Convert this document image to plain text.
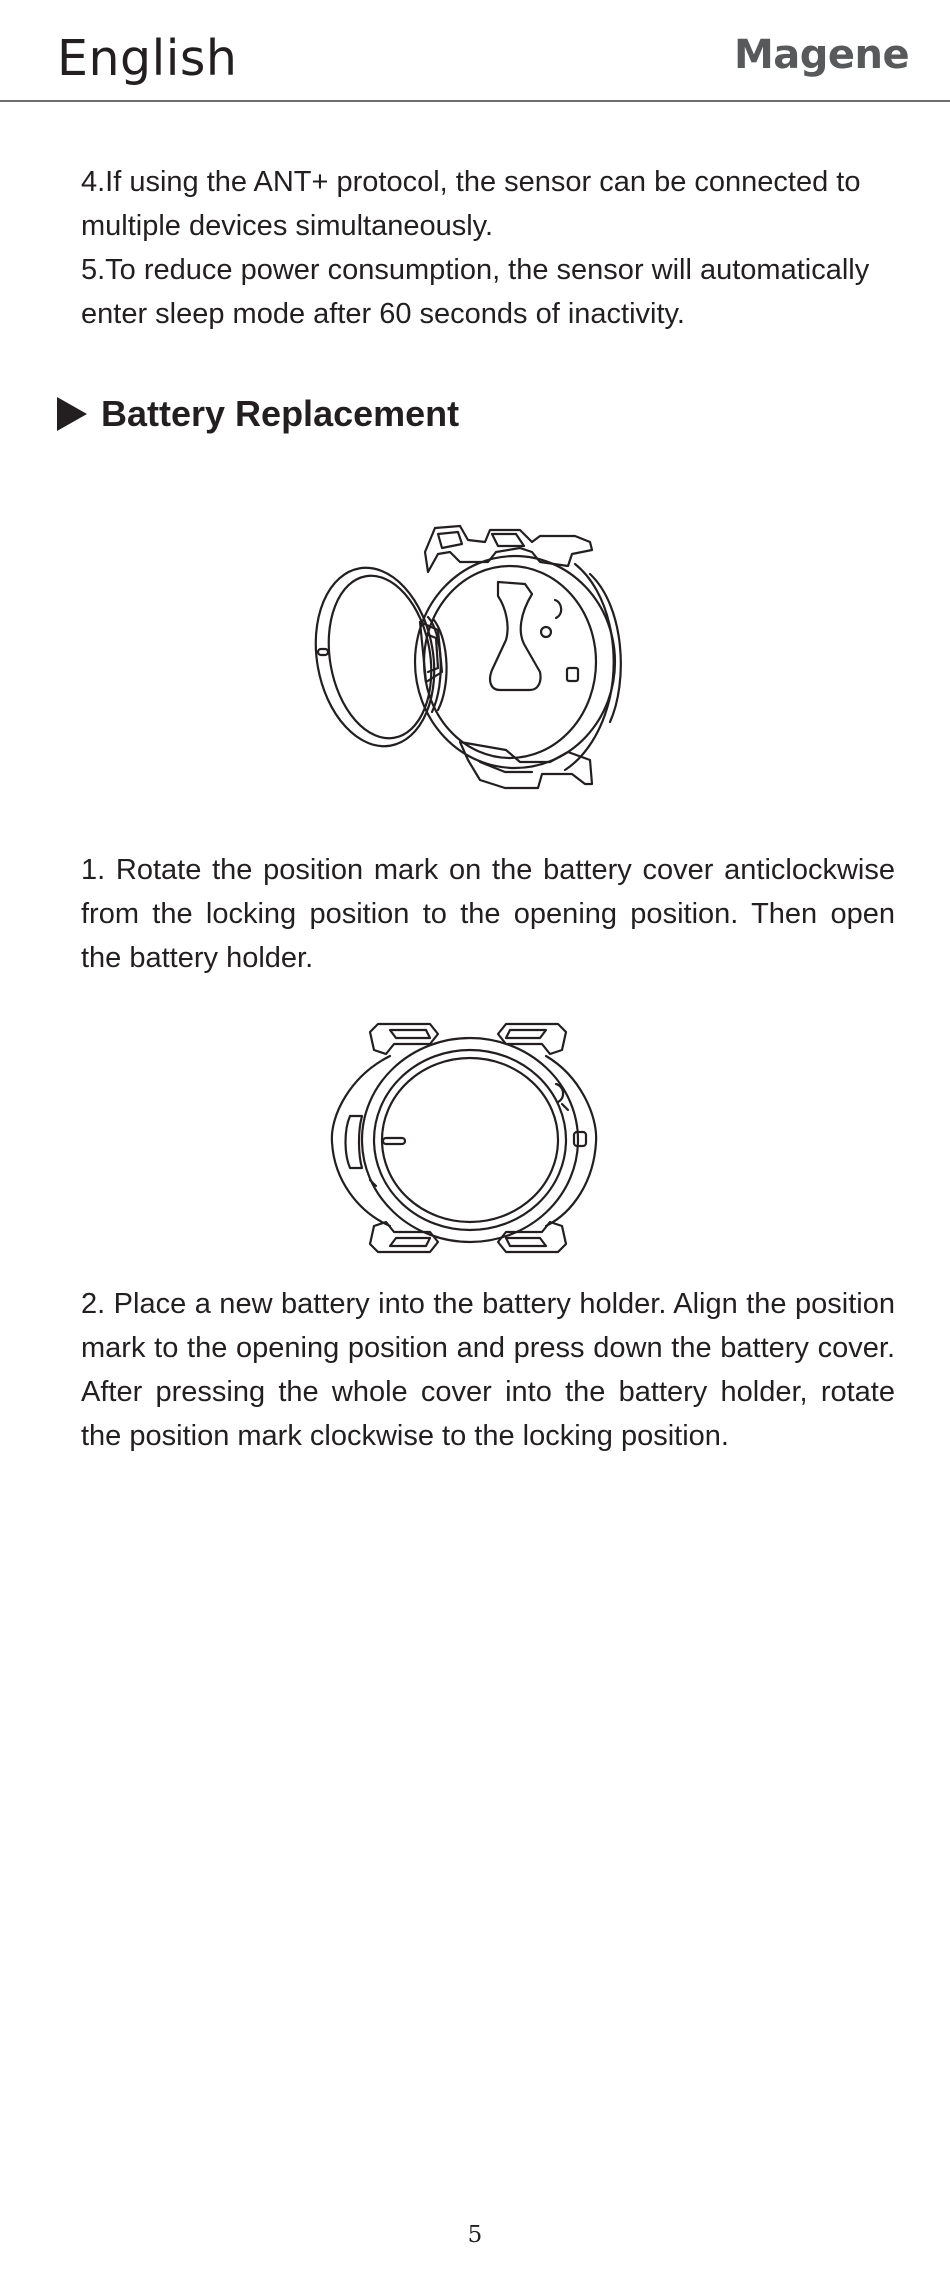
English	Magene

4.If using the ANT+ protocol, the sensor can be connected to multiple devices simultaneously.

5.To reduce power consumption, the sensor will automatically enter sleep mode after 60 seconds of inactivity.

Battery Replacement

1. Rotate the position mark on the battery cover anticlockwise from the locking position to the opening position. Then open the battery holder.

2. Place a new battery into the battery holder. Align the position mark to the opening position and press down the battery cover. After pressing the whole cover into the battery holder, rotate the position mark clockwise to the locking position.

5
